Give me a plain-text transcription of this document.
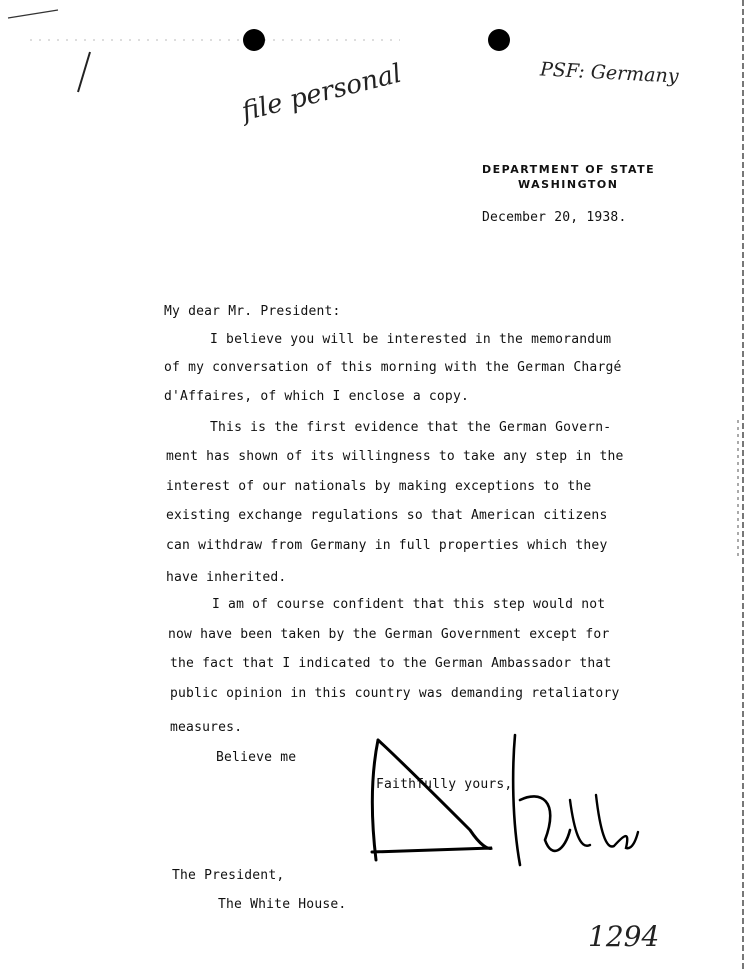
file personal	PSF: Germany
1294
DEPARTMENT OF STATE
WASHINGTON
December 20, 1938.
My dear Mr. President:
I believe you will be interested in the memorandum
of my conversation of this morning with the German Chargé
d'Affaires, of which I enclose a copy.
This is the first evidence that the German Govern-
ment has shown of its willingness to take any step in the
interest of our nationals by making exceptions to the
existing exchange regulations so that American citizens
can withdraw from Germany in full properties which they
have inherited.
I am of course confident that this step would not
now have been taken by the German Government except for
the fact that I indicated to the German Ambassador that
public opinion in this country was demanding retaliatory
measures.
Believe me
Faithfully yours,
The President,
The White House.
